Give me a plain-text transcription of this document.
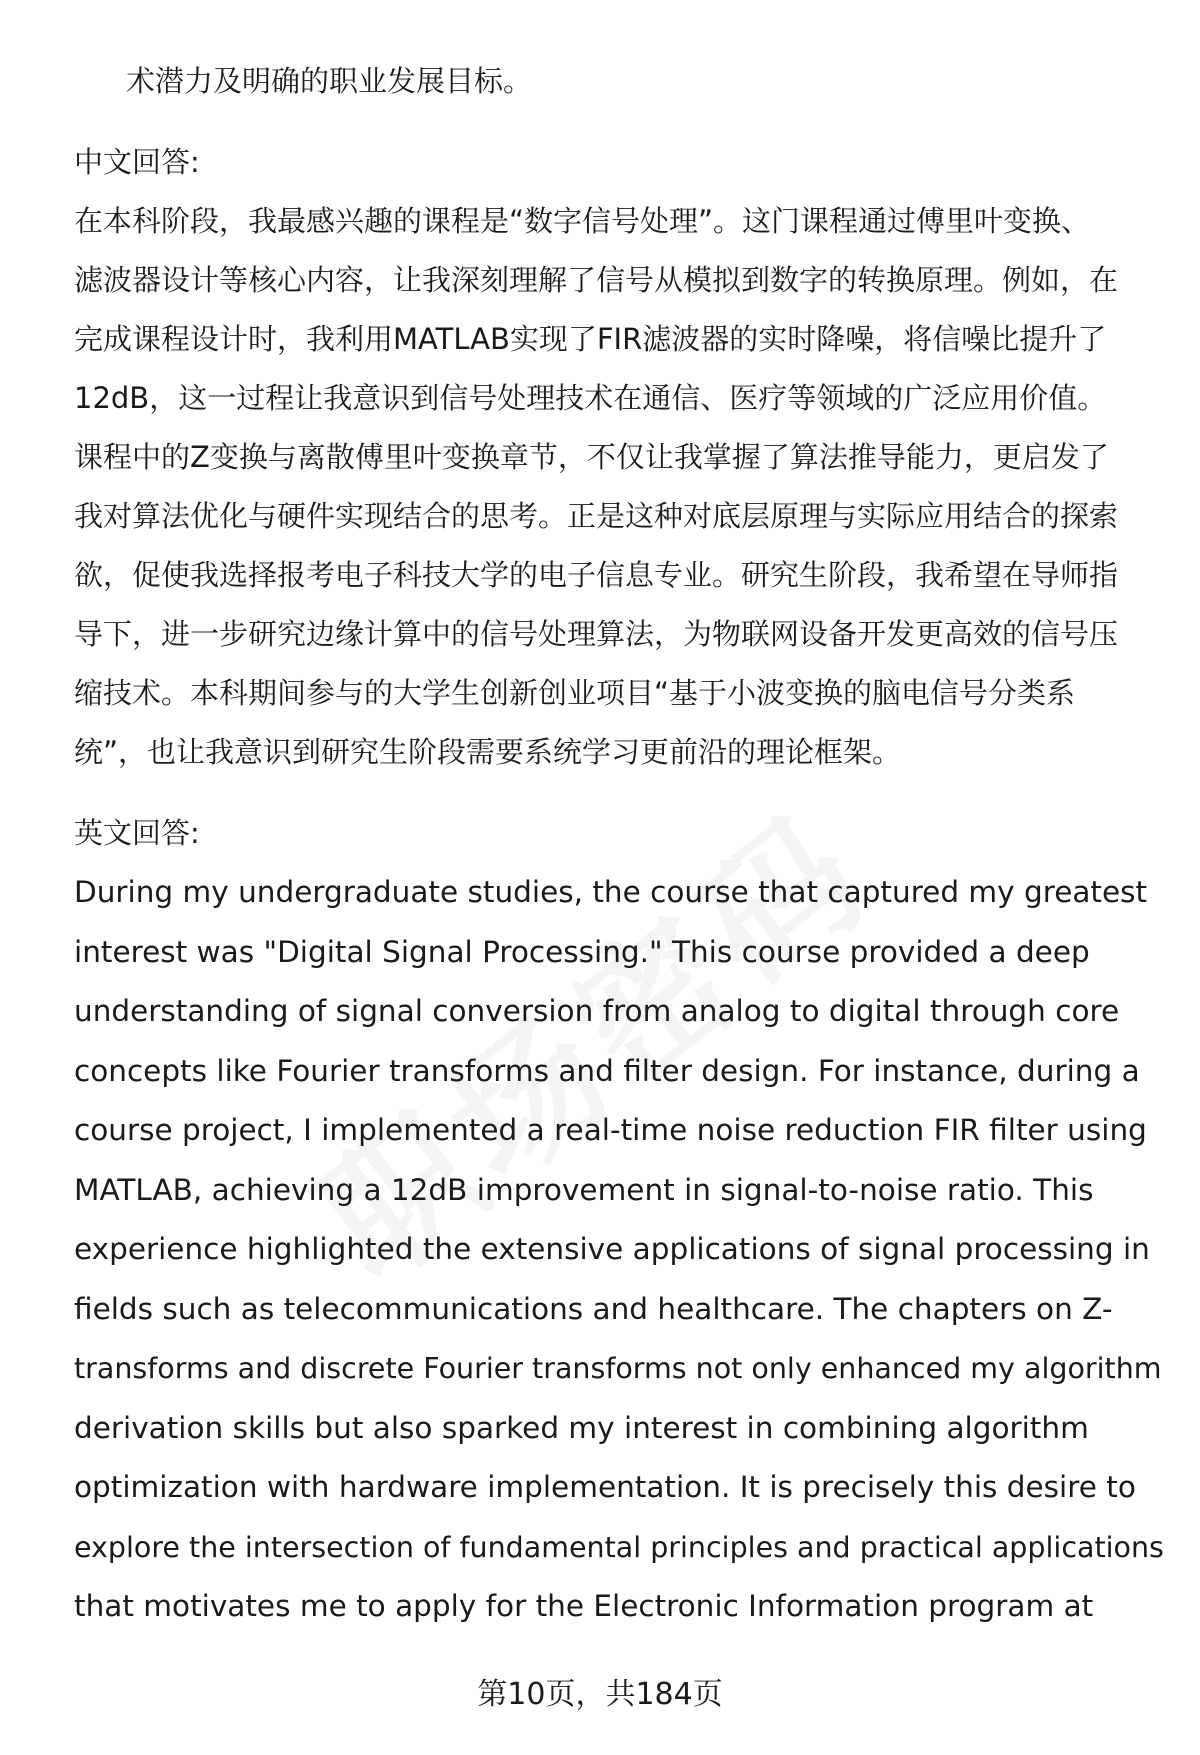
术潜力及明确的职业发展目标。
中文回答:
在本科阶段，我最感兴趣的课程是“数字信号处理”。这门课程通过傅里叶变换、
滤波器设计等核心内容，让我深刻理解了信号从模拟到数字的转换原理。例如，在
完成课程设计时，我利用MATLAB实现了FIR滤波器的实时降噪，将信噪比提升了
12dB，这一过程让我意识到信号处理技术在通信、医疗等领域的广泛应用价值。
课程中的Z变换与离散傅里叶变换章节，不仅让我掌握了算法推导能力，更启发了
我对算法优化与硬件实现结合的思考。正是这种对底层原理与实际应用结合的探索
欲，促使我选择报考电子科技大学的电子信息专业。研究生阶段，我希望在导师指
导下，进一步研究边缘计算中的信号处理算法，为物联网设备开发更高效的信号压
缩技术。本科期间参与的大学生创新创业项目“基于小波变换的脑电信号分类系
统”，也让我意识到研究生阶段需要系统学习更前沿的理论框架。
英文回答:
During my undergraduate studies, the course that captured my greatest
interest was "Digital Signal Processing." This course provided a deep
understanding of signal conversion from analog to digital through core
concepts like Fourier transforms and filter design. For instance, during a
course project, I implemented a real-time noise reduction FIR filter using
MATLAB, achieving a 12dB improvement in signal-to-noise ratio. This
experience highlighted the extensive applications of signal processing in
fields such as telecommunications and healthcare. The chapters on Z-
transforms and discrete Fourier transforms not only enhanced my algorithm
derivation skills but also sparked my interest in combining algorithm
optimization with hardware implementation. It is precisely this desire to
explore the intersection of fundamental principles and practical applications
that motivates me to apply for the Electronic Information program at
第10页，共184页
